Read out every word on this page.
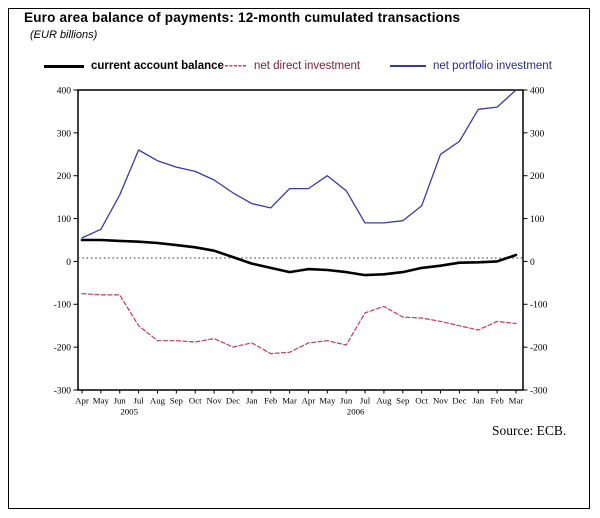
Euro area balance of payments: 12-month cumulated transactions
(EUR billions)
current account balance
------ net direct investment	net portfolio investment
400	400
300	300
200	200
100	100
0	0
-100	-100
-200	-200
-300	-300
Apr May Jun Jul Aug Sep Oct Nov Dec Jan Feb Mar Apr May Jun Jul Aug Sep Oct Nov Dec Jan Feb Mar
2005	2006
Source: ECB.
